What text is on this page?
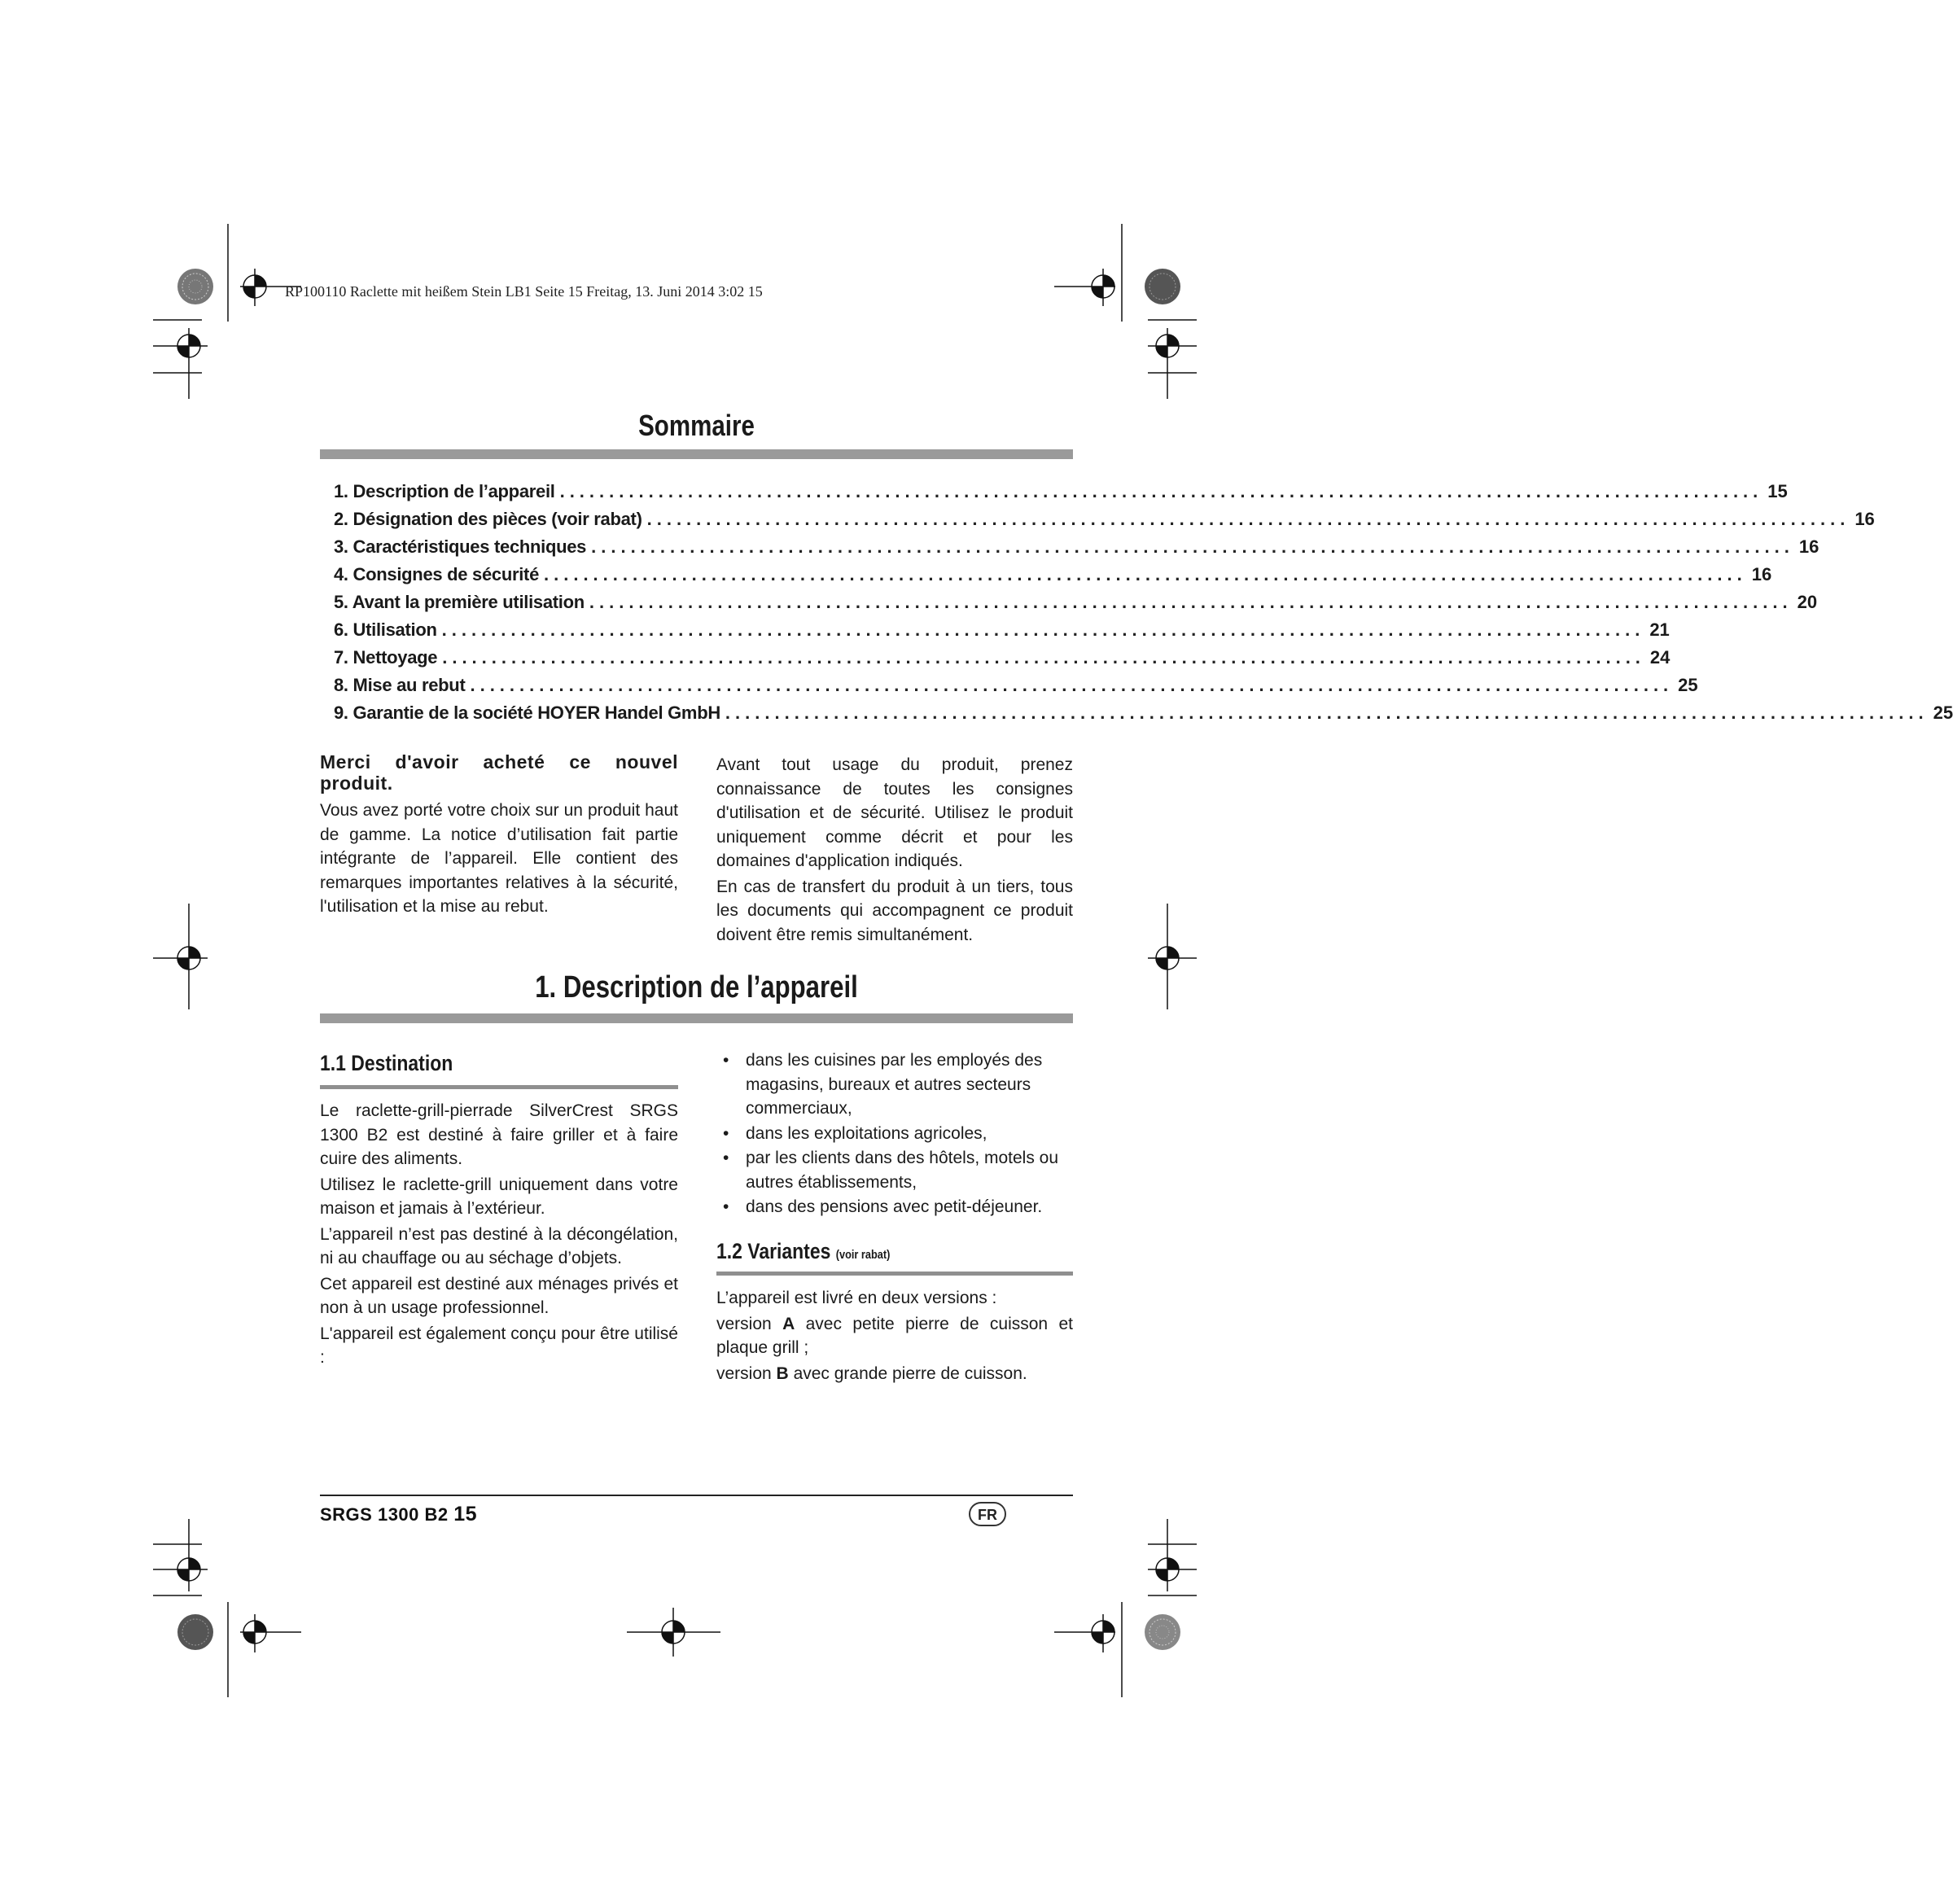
RP100110 Raclette mit heißem Stein LB1 Seite 15 Freitag, 13. Juni 2014 3:02 15
Sommaire
1. Description de l’appareil .......................................................................................................................... 15
2. Désignation des pièces (voir rabat) .......................................................................................................................... 16
3. Caractéristiques techniques .......................................................................................................................... 16
4. Consignes de sécurité .......................................................................................................................... 16
5. Avant la première utilisation .......................................................................................................................... 20
6. Utilisation .......................................................................................................................... 21
7. Nettoyage .......................................................................................................................... 24
8. Mise au rebut .......................................................................................................................... 25
9. Garantie de la société HOYER Handel GmbH .......................................................................................................................... 25

Merci d'avoir acheté ce nouvel produit.

Vous avez porté votre choix sur un produit haut de gamme. La notice d’utilisation fait partie intégrante de l’appareil. Elle contient des remarques importantes relatives à la sécurité, l'utilisation et la mise au rebut.

Avant tout usage du produit, prenez connaissance de toutes les consignes d'utilisation et de sécurité. Utilisez le produit uniquement comme décrit et pour les domaines d'application indiqués.

En cas de transfert du produit à un tiers, tous les documents qui accompagnent ce produit doivent être remis simultanément.

1. Description de l’appareil
1.1 Destination

Le raclette-grill-pierrade SilverCrest SRGS 1300 B2 est destiné à faire griller et à faire cuire des aliments.

Utilisez le raclette-grill uniquement dans votre maison et jamais à l’extérieur.

L’appareil n’est pas destiné à la décongélation, ni au chauffage ou au séchage d’objets.

Cet appareil est destiné aux ménages privés et non à un usage professionnel.

L'appareil est également conçu pour être utilisé :

• dans les cuisines par les employés des magasins, bureaux et autres secteurs commerciaux,
• dans les exploitations agricoles,
• par les clients dans des hôtels, motels ou autres établissements,
• dans des pensions avec petit-déjeuner.
1.2 Variantes (voir rabat)

L’appareil est livré en deux versions :

version A avec petite pierre de cuisson et plaque grill ;

version B avec grande pierre de cuisson.

SRGS 1300 B2 15	FR
